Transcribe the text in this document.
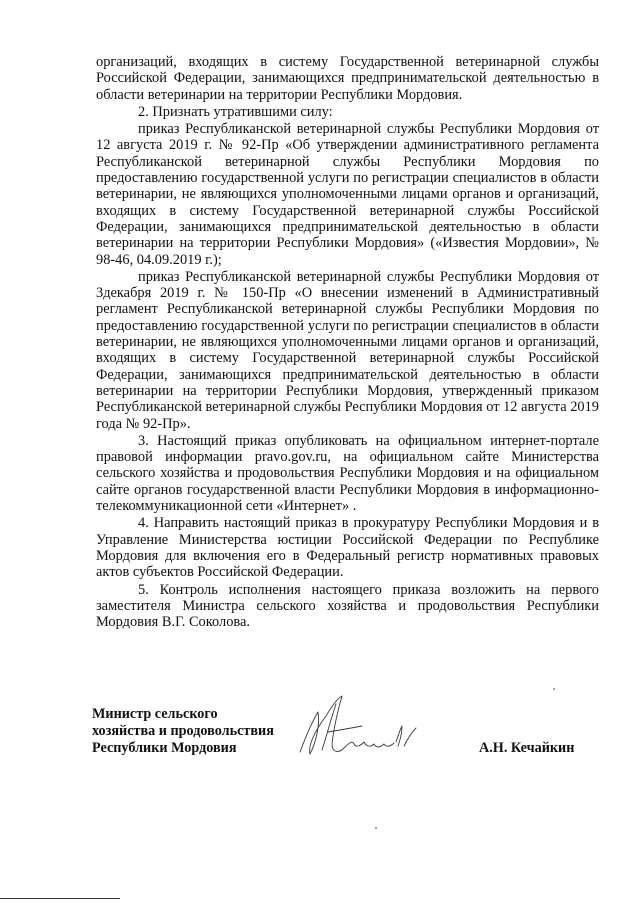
организаций, входящих в систему Государственной ветеринарной службы Российской Федерации, занимающихся предпринимательской деятельностью в области ветеринарии на территории Республики Мордовия.

2. Признать утратившими силу:

приказ Республиканской ветеринарной службы Республики Мордовия от 12 августа 2019 г. № 92-Пр «Об утверждении административного регламента Республиканской ветеринарной службы Республики Мордовия по предоставлению государственной услуги по регистрации специалистов в области ветеринарии, не являющихся уполномоченными лицами органов и организаций, входящих в систему Государственной ветеринарной службы Российской Федерации, занимающихся предпринимательской деятельностью в области ветеринарии на территории Республики Мордовия» («Известия Мордовии», № 98-46, 04.09.2019 г.);

приказ Республиканской ветеринарной службы Республики Мордовия от 3декабря 2019 г. № 150-Пр «О внесении изменений в Административный регламент Республиканской ветеринарной службы Республики Мордовия по предоставлению государственной услуги по регистрации специалистов в области ветеринарии, не являющихся уполномоченными лицами органов и организаций, входящих в систему Государственной ветеринарной службы Российской Федерации, занимающихся предпринимательской деятельностью в области ветеринарии на территории Республики Мордовия, утвержденный приказом Республиканской ветеринарной службы Республики Мордовия от 12 августа 2019 года № 92-Пр».

3. Настоящий приказ опубликовать на официальном интернет-портале правовой информации pravo.gov.ru, на официальном сайте Министерства сельского хозяйства и продовольствия Республики Мордовия и на официальном сайте органов государственной власти Республики Мордовия в информационно-телекоммуникационной сети «Интернет» .

4. Направить настоящий приказ в прокуратуру Республики Мордовия и в Управление Министерства юстиции Российской Федерации по Республике Мордовия для включения его в Федеральный регистр нормативных правовых актов субъектов Российской Федерации.

5. Контроль исполнения настоящего приказа возложить на первого заместителя Министра сельского хозяйства и продовольствия Республики Мордовия В.Г. Соколова.

Министр сельского
хозяйства и продовольствия
Республики Мордовия	А.Н. Кечайкин
